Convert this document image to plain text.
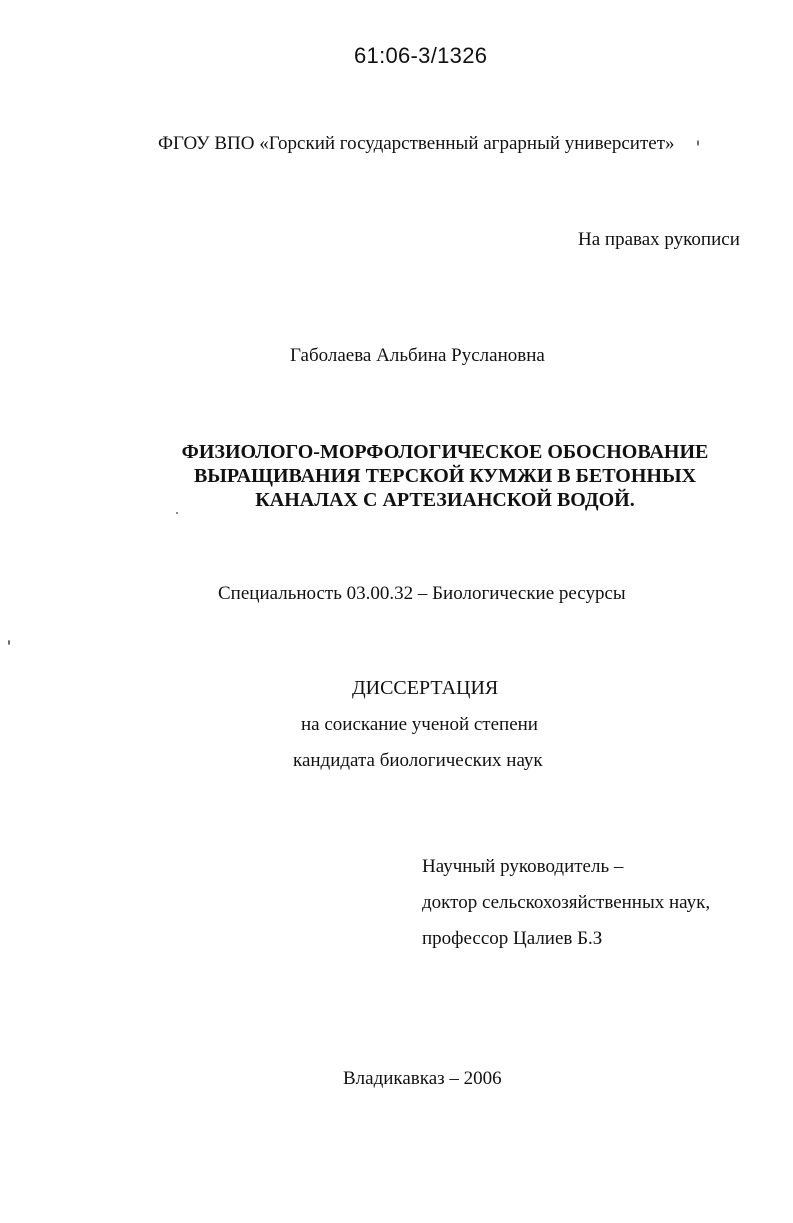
61:06-3/1326
ФГОУ ВПО «Горский государственный аграрный университет»
На правах рукописи
Габолаева Альбина Руслановна
ФИЗИОЛОГО-МОРФОЛОГИЧЕСКОЕ ОБОСНОВАНИЕ
ВЫРАЩИВАНИЯ ТЕРСКОЙ КУМЖИ В БЕТОННЫХ
КАНАЛАХ С АРТЕЗИАНСКОЙ ВОДОЙ.
Специальность 03.00.32 – Биологические ресурсы
ДИССЕРТАЦИЯ
на соискание ученой степени
кандидата биологических наук
Научный руководитель –
доктор сельскохозяйственных наук,
профессор Цалиев Б.З
Владикавказ – 2006
